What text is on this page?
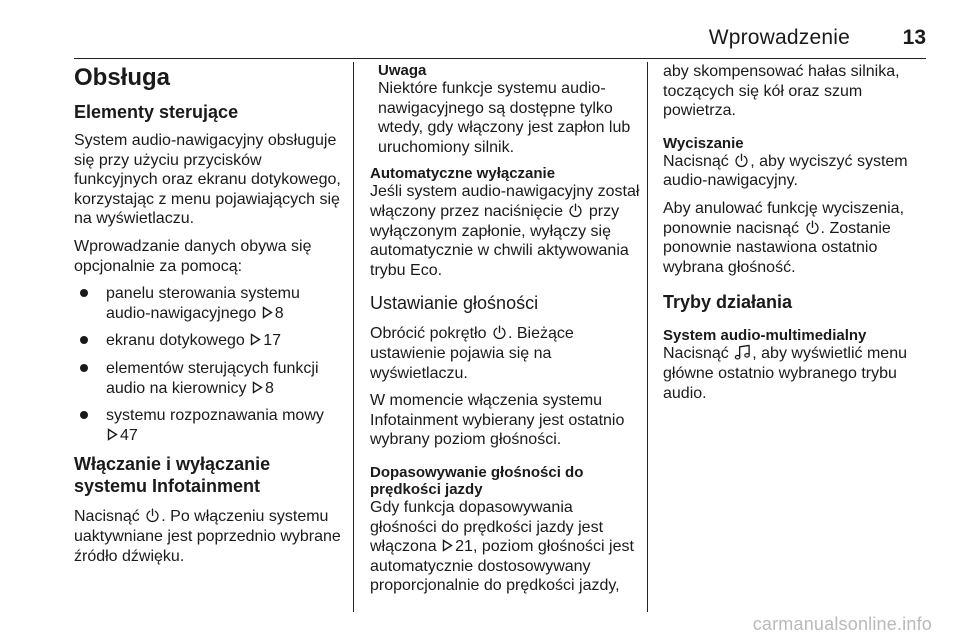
Wprowadzenie	13
Obsługa
Elementy sterujące

System audio-nawigacyjny obsługuje się przy użyciu przycisków funkcyjnych oraz ekranu dotykowego, korzystając z menu pojawiających się na wyświetlaczu.

Wprowadzanie danych obywa się opcjonalnie za pomocą:

panelu sterowania systemu audio-nawigacyjnego 8
ekranu dotykowego 17
elementów sterujących funkcji audio na kierownicy 8
systemu rozpoznawania mowy
47
Włączanie i wyłączanie systemu Infotainment

Nacisnąć . Po włączeniu systemu uaktywniane jest poprzednio wybrane źródło dźwięku.

Uwaga

Niektóre funkcje systemu audio-nawigacyjnego są dostępne tylko wtedy, gdy włączony jest zapłon lub uruchomiony silnik.

Automatyczne wyłączanie

Jeśli system audio-nawigacyjny został włączony przez naciśnięcie przy wyłączonym zapłonie, wyłączy się automatycznie w chwili aktywowania trybu Eco.

Ustawianie głośności

Obrócić pokrętło . Bieżące ustawienie pojawia się na wyświetlaczu.

W momencie włączenia systemu Infotainment wybierany jest ostatnio wybrany poziom głośności.

Dopasowywanie głośności do prędkości jazdy

Gdy funkcja dopasowywania głośności do prędkości jazdy jest włączona 21, poziom głośności jest automatycznie dostosowywany proporcjonalnie do prędkości jazdy,

aby skompensować hałas silnika, toczących się kół oraz szum powietrza.

Wyciszanie

Nacisnąć , aby wyciszyć system audio-nawigacyjny.

Aby anulować funkcję wyciszenia, ponownie nacisnąć . Zostanie ponownie nastawiona ostatnio wybrana głośność.

Tryby działania
System audio-multimedialny

Nacisnąć , aby wyświetlić menu główne ostatnio wybranego trybu audio.

carmanualsonline.info
